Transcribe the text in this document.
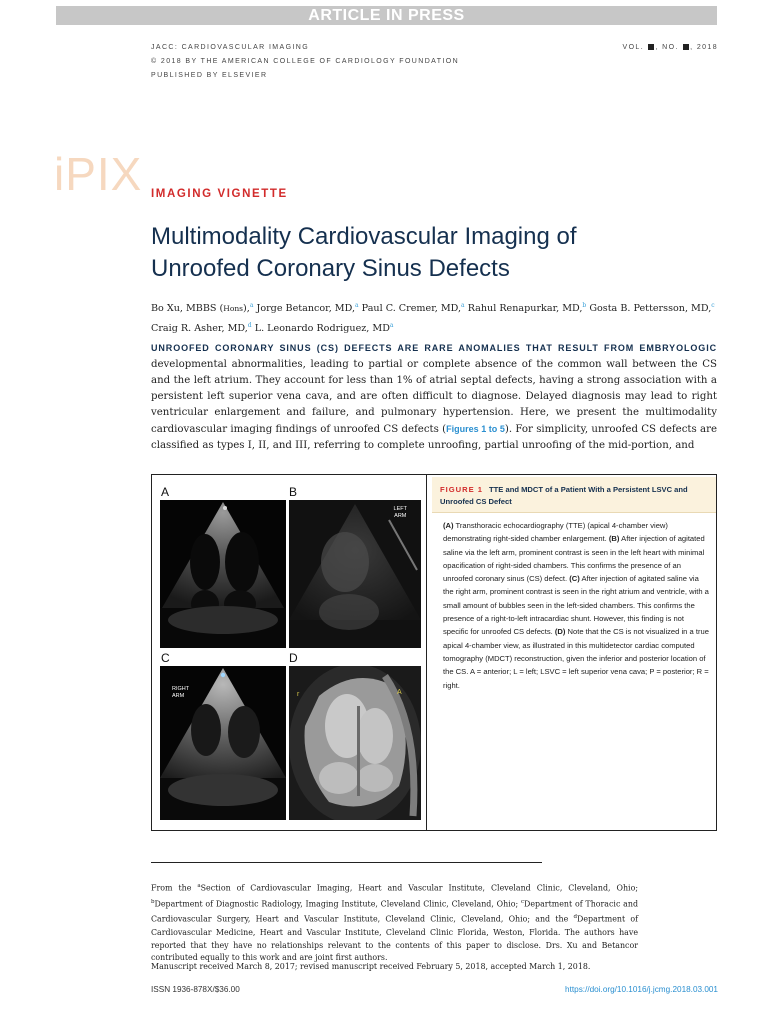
ARTICLE IN PRESS
JACC: CARDIOVASCULAR IMAGING
© 2018 BY THE AMERICAN COLLEGE OF CARDIOLOGY FOUNDATION
PUBLISHED BY ELSEVIER
VOL. , NO. , 2018
iPIX IMAGING VIGNETTE
Multimodality Cardiovascular Imaging of
Unroofed Coronary Sinus Defects
Bo Xu, MBBS (Hons),$^a$ Jorge Betancor, MD,$^a$ Paul C. Cremer, MD,$^a$ Rahul Renapurkar, MD,$^b$ Gosta B. Pettersson, MD,$^c$
Craig R. Asher, MD,$^d$ L. Leonardo Rodriguez, $MD^a$
UNROOFED CORONARY SINUS (CS) DEFECTS ARE RARE ANOMALIES THAT RESULT FROM EMBRYOLOGIC developmental abnormalities, leading to partial or complete absence of the common wall between the CS and the left atrium. They account for less than 1% of atrial septal defects, having a strong association with a persistent left superior vena cava, and are often difficult to diagnose. Delayed diagnosis may lead to right ventricular enlargement and failure, and pulmonary hypertension. Here, we present the multimodality cardiovascular imaging findings of unroofed CS defects (Figures 1 to 5). For simplicity, unroofed CS defects are classified as types I, II, and III, referring to complete unroofing, partial unroofing of the mid-portion, and
A	B
C	D
LEFT
ARM
RIGHT
ARM	A
r
FIGURE 1 TTE and MDCT of a Patient With a Persistent LSVC and Unroofed CS Defect
(A) Transthoracic echocardiography (TTE) (apical 4-chamber view) demonstrating right-sided chamber enlargement. (B) After injection of agitated saline via the left arm, prominent contrast is seen in the left heart with minimal opacification of right-sided chambers. This confirms the presence of an unroofed coronary sinus (CS) defect. (C) After injection of agitated saline via the right arm, prominent contrast is seen in the right atrium and ventricle, with a small amount of bubbles seen in the left-sided chambers. This confirms the presence of a right-to-left intracardiac shunt. However, this finding is not specific for unroofed CS defects. (D) Note that the CS is not visualized in a true apical 4-chamber view, as illustrated in this multidetector cardiac computed tomography (MDCT) reconstruction, given the inferior and posterior location of the CS. A = anterior; L = left; LSVC = left superior vena cava; P = posterior; R = right.
From the $^a$Section of Cardiovascular Imaging, Heart and Vascular Institute, Cleveland Clinic, Cleveland, Ohio; $^b$Department of Diagnostic Radiology, Imaging Institute, Cleveland Clinic, Cleveland, Ohio; $^c$Department of Thoracic and Cardiovascular Surgery, Heart and Vascular Institute, Cleveland Clinic, Cleveland, Ohio; and the $^d$Department of Cardiovascular Medicine, Heart and Vascular Institute, Cleveland Clinic Florida, Weston, Florida. The authors have reported that they have no relationships relevant to the contents of this paper to disclose. Drs. Xu and Betancor contributed equally to this work and are joint first authors.
Manuscript received March 8, 2017; revised manuscript received February 5, 2018, accepted March 1, 2018.
ISSN 1936-878X/$36.00	https://doi.org/10.1016/j.jcmg.2018.03.001
